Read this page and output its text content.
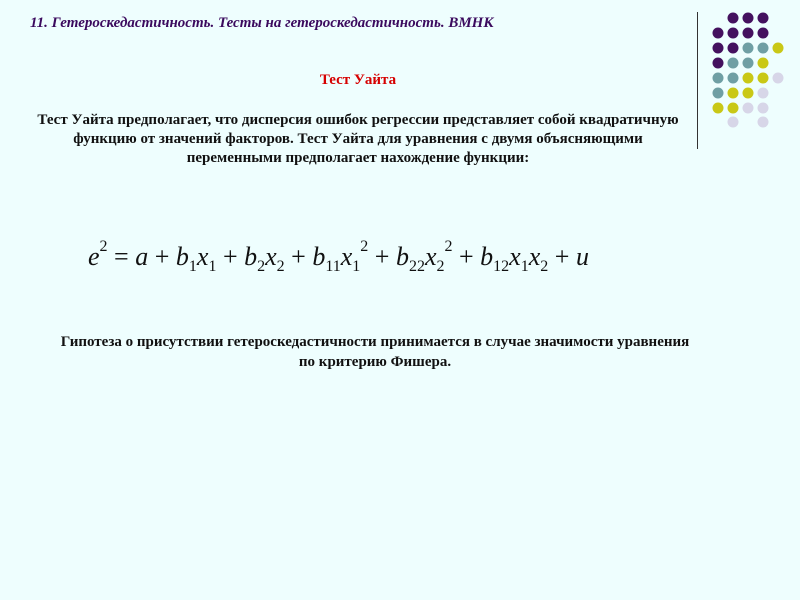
11. Гетероскедастичность. Тесты на гетероскедастичность. ВМНК
Тест Уайта
Тест Уайта предполагает, что дисперсия ошибок регрессии представляет собой квадратичную функцию от значений факторов. Тест Уайта для уравнения с двумя объясняющими переменными предполагает нахождение функции:
$e^2 = a + b_1x_1 + b_2x_2 + b_{11}x_1^2 + b_{22}x_2^2 + b_{12}x_1x_2 + u$
Гипотеза о присутствии гетероскедастичности принимается в случае значимости уравнения по критерию Фишера.
